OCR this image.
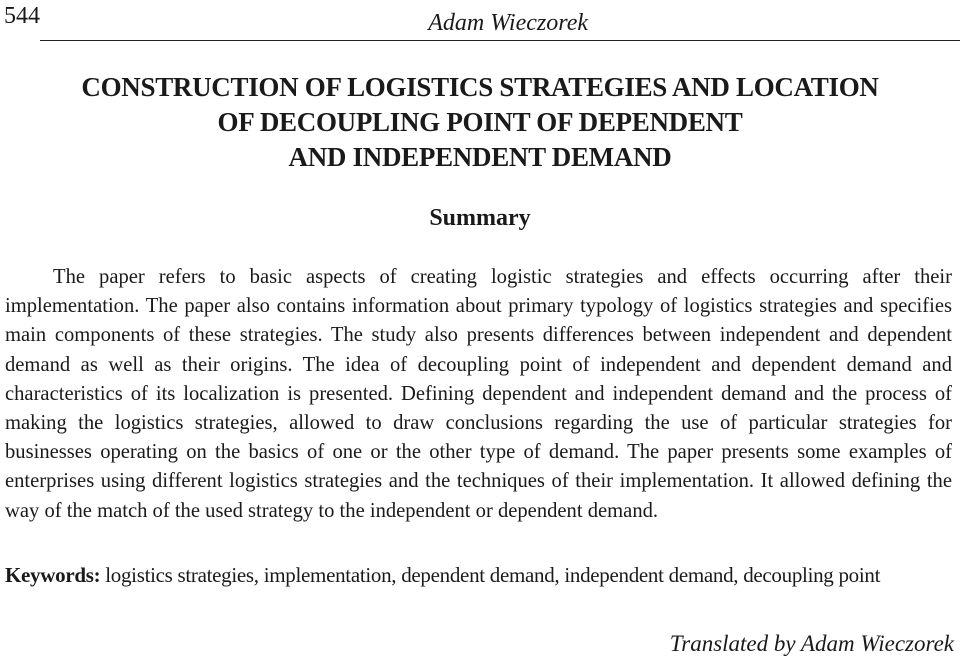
544	Adam Wieczorek
CONSTRUCTION OF LOGISTICS STRATEGIES AND LOCATION
OF DECOUPLING POINT OF DEPENDENT
AND INDEPENDENT DEMAND
Summary

The paper refers to basic aspects of creating logistic strategies and effects occurring after their implementation. The paper also contains information about primary typology of logistics strategies and specifies main components of these strategies. The study also presents differences between independent and dependent demand as well as their origins. The idea of decoupling point of independent and dependent demand and characteristics of its localization is presented. Defining dependent and independent demand and the process of making the logistics strategies, allowed to draw conclusions regarding the use of particular strategies for businesses operating on the basics of one or the other type of demand. The paper presents some examples of enterprises using different logistics strategies and the techniques of their implementation. It allowed defining the way of the match of the used strategy to the independent or dependent demand.

Keywords: logistics strategies, implementation, dependent demand, independent demand, decoupling point

Translated by Adam Wieczorek
